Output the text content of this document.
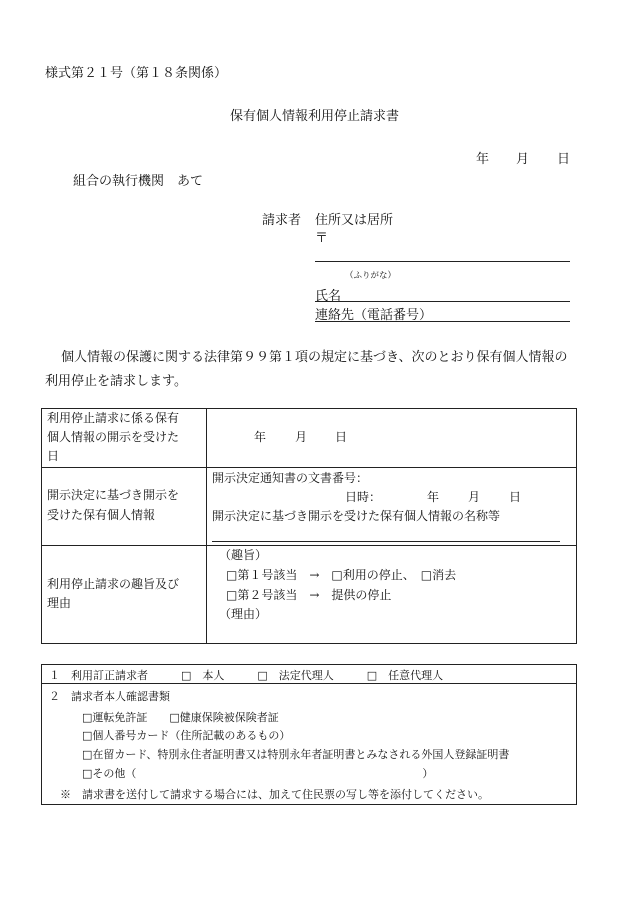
様式第２１号（第１８条関係）
保有個人情報利用停止請求書
年 月 日
組合の執行機関　あて
請求者 住所又は居所
〒
（ふりがな）
氏名
連絡先（電話番号）
個人情報の保護に関する法律第９９第１項の規定に基づき、次のとおり保有個人情報の
利用停止を請求します。
利用停止請求に係る保有
個人情報の開示を受けた
日
年 月 日
開示決定に基づき開示を
受けた保有個人情報
開示決定通知書の文書番号：
日時：	年 月 日
開示決定に基づき開示を受けた保有個人情報の名称等
利用停止請求の趣旨及び
理由
（趣旨）
□第１号該当　→　□利用の停止、　□消去
□第２号該当　→　提供の停止
（理由）
１　利用訂正請求者　　　□　本人　　　□　法定代理人　　　□　任意代理人
２　請求者本人確認書類
□運転免許証　　□健康保険被保険者証
□個人番号カード（住所記載のあるもの）
□在留カード、特別永住者証明書又は特別永年者証明書とみなされる外国人登録証明書
□その他（　　　　　　　　　　　　　　　　　　　　　　　　　　）
※　請求書を送付して請求する場合には、加えて住民票の写し等を添付してください。
